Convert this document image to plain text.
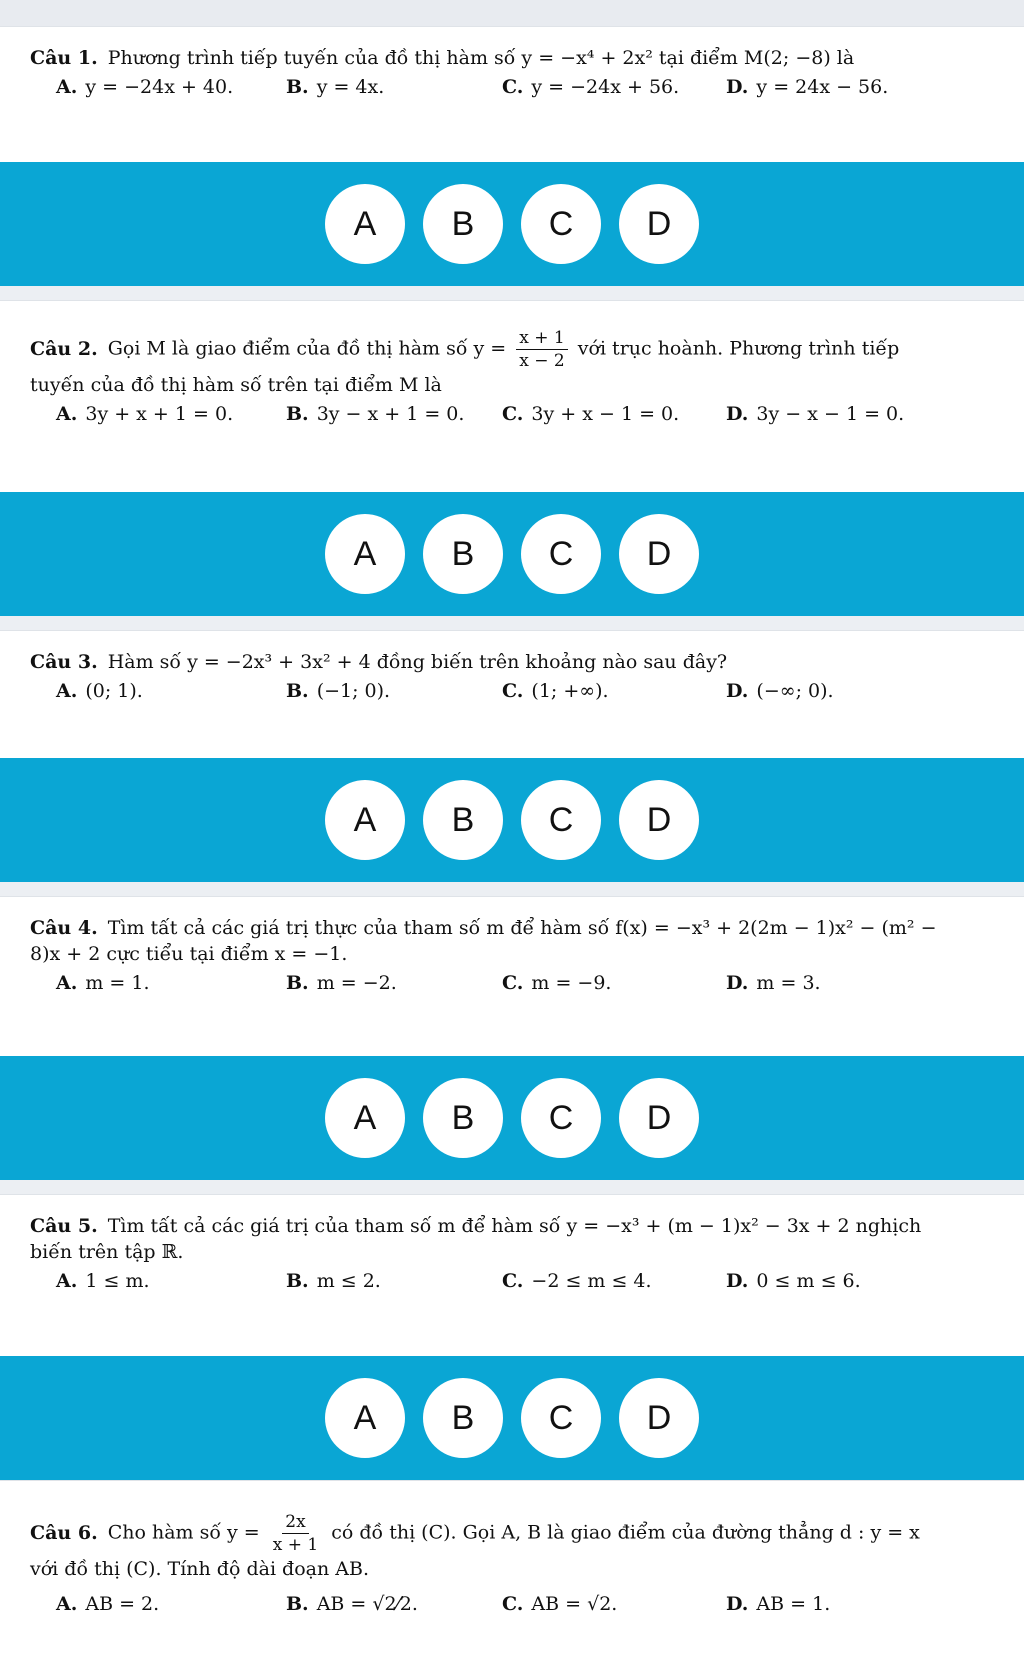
Câu 1. Phương trình tiếp tuyến của đồ thị hàm số y = −x⁴ + 2x² tại điểm M(2; −8) là
A. y = −24x + 40.	B. y = 4x.	C. y = −24x + 56.	D. y = 24x − 56.
A	B	C	D
Câu 2. Gọi M là giao điểm của đồ thị hàm số $y = \frac{x + 1}{x - 2}$ với trục hoành. Phương trình tiếp
tuyến của đồ thị hàm số trên tại điểm M là
A. 3y + x + 1 = 0.	B. 3y − x + 1 = 0.	C. 3y + x − 1 = 0.	D. 3y − x − 1 = 0.
A	B	C	D
Câu 3. Hàm số y = −2x³ + 3x² + 4 đồng biến trên khoảng nào sau đây?
A. (0; 1).	B. (−1; 0).	C. (1; +∞).	D. (−∞; 0).
A	B	C	D
Câu 4. Tìm tất cả các giá trị thực của tham số m để hàm số f(x) = −x³ + 2(2m − 1)x² − (m² −
8)x + 2 cực tiểu tại điểm x = −1.
A. m = 1.	B. m = −2.	C. m = −9.	D. m = 3.
A	B	C	D
Câu 5. Tìm tất cả các giá trị của tham số m để hàm số y = −x³ + (m − 1)x² − 3x + 2 nghịch
biến trên tập ℝ.
A. 1 ≤ m.	B. m ≤ 2.	C. −2 ≤ m ≤ 4.	D. 0 ≤ m ≤ 6.
A	B	C	D
Câu 6. Cho hàm số $y = \frac{2x}{x + 1}$ có đồ thị (C). Gọi A, B là giao điểm của đường thẳng d : y = x
với đồ thị (C). Tính độ dài đoạn AB.
A. AB = 2.	B. AB = √2⁄2.	C. AB = √2.	D. AB = 1.
